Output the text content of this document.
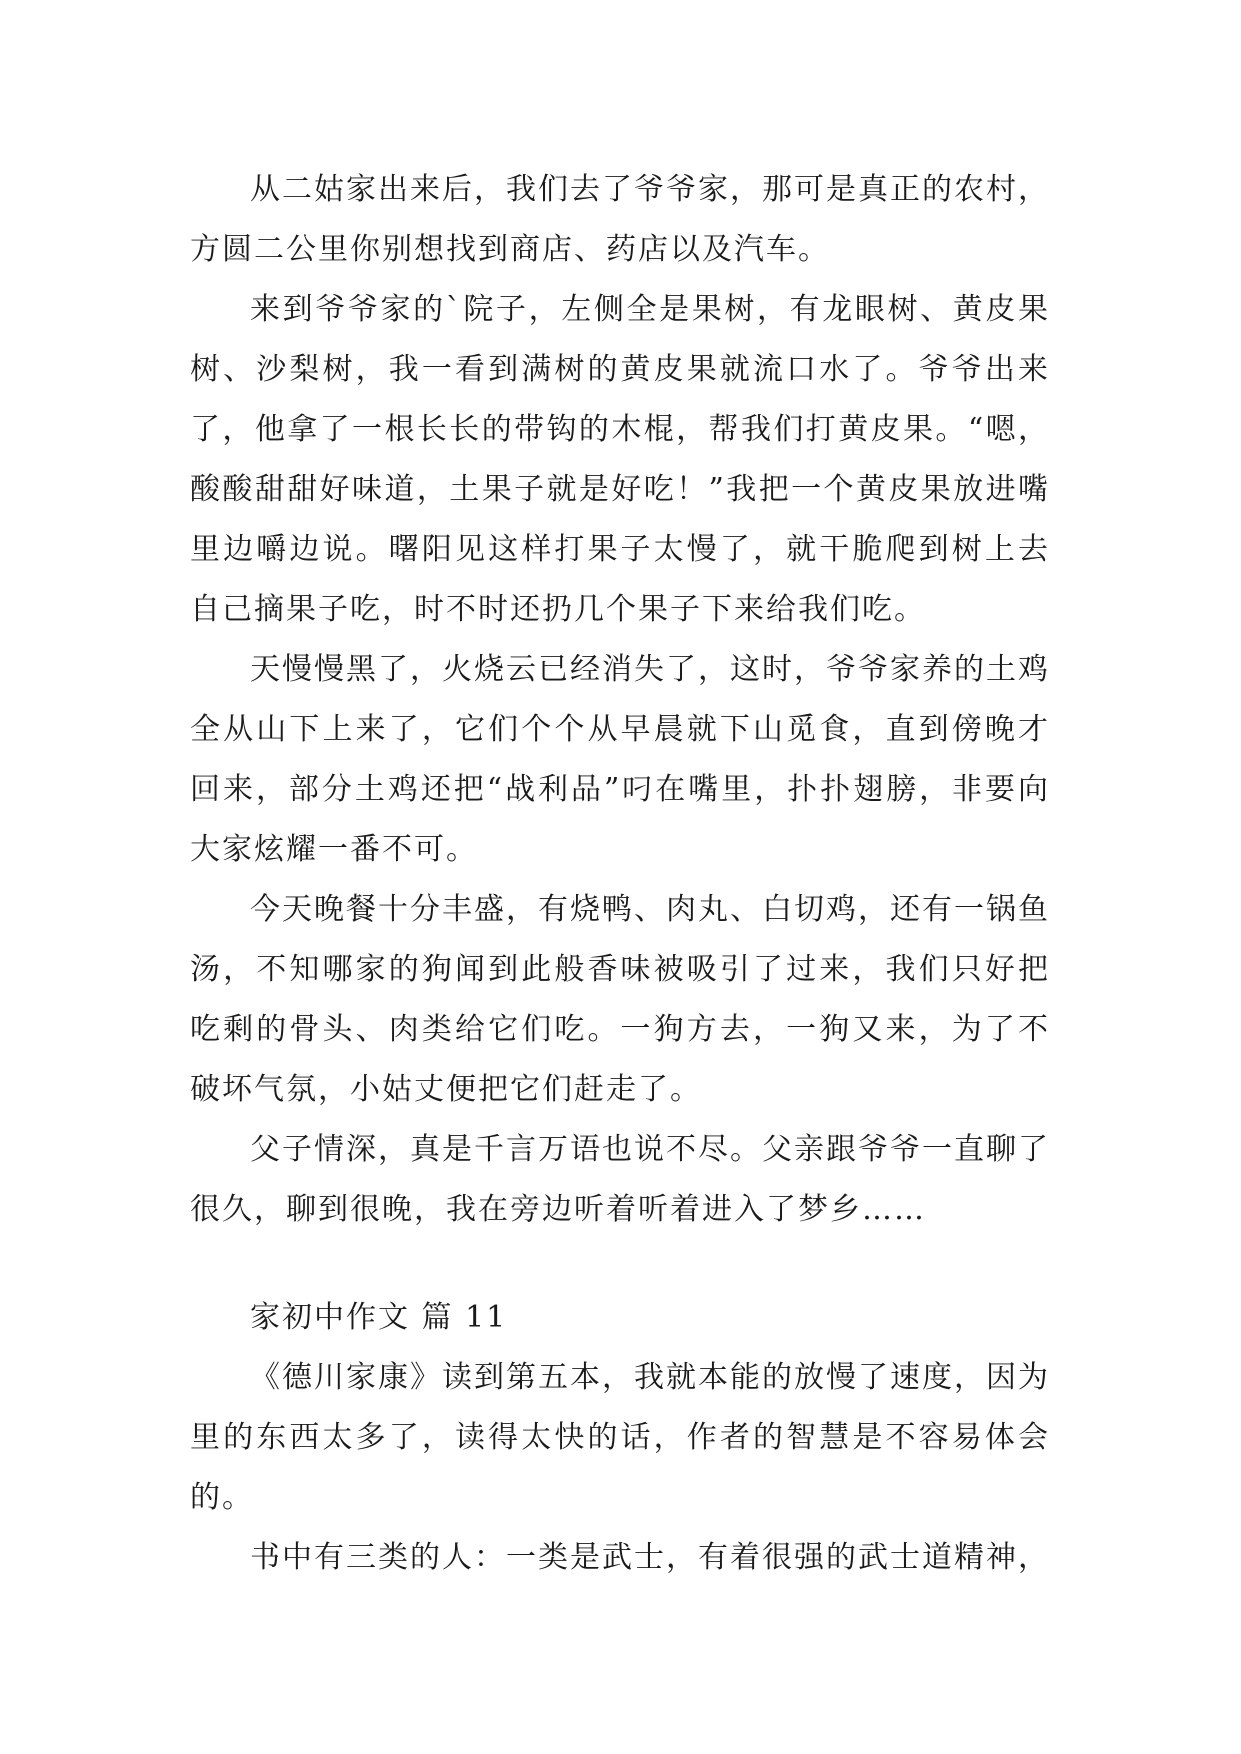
从二姑家出来后，我们去了爷爷家，那可是真正的农村，方圆二公里你别想找到商店、药店以及汽车。

来到爷爷家的`院子，左侧全是果树，有龙眼树、黄皮果树、沙梨树，我一看到满树的黄皮果就流口水了。爷爷出来了，他拿了一根长长的带钩的木棍，帮我们打黄皮果。“嗯，酸酸甜甜好味道，土果子就是好吃！”我把一个黄皮果放进嘴里边嚼边说。曙阳见这样打果子太慢了，就干脆爬到树上去自己摘果子吃，时不时还扔几个果子下来给我们吃。

天慢慢黑了，火烧云已经消失了，这时，爷爷家养的土鸡全从山下上来了，它们个个从早晨就下山觅食，直到傍晚才回来，部分土鸡还把“战利品”叼在嘴里，扑扑翅膀，非要向大家炫耀一番不可。

今天晚餐十分丰盛，有烧鸭、肉丸、白切鸡，还有一锅鱼汤，不知哪家的狗闻到此般香味被吸引了过来，我们只好把吃剩的骨头、肉类给它们吃。一狗方去，一狗又来，为了不破坏气氛，小姑丈便把它们赶走了。

父子情深，真是千言万语也说不尽。父亲跟爷爷一直聊了很久，聊到很晚，我在旁边听着听着进入了梦乡……

家初中作文 篇 11

《德川家康》读到第五本，我就本能的放慢了速度，因为里的东西太多了，读得太快的话，作者的智慧是不容易体会的。

书中有三类的人：一类是武士，有着很强的武士道精神，
